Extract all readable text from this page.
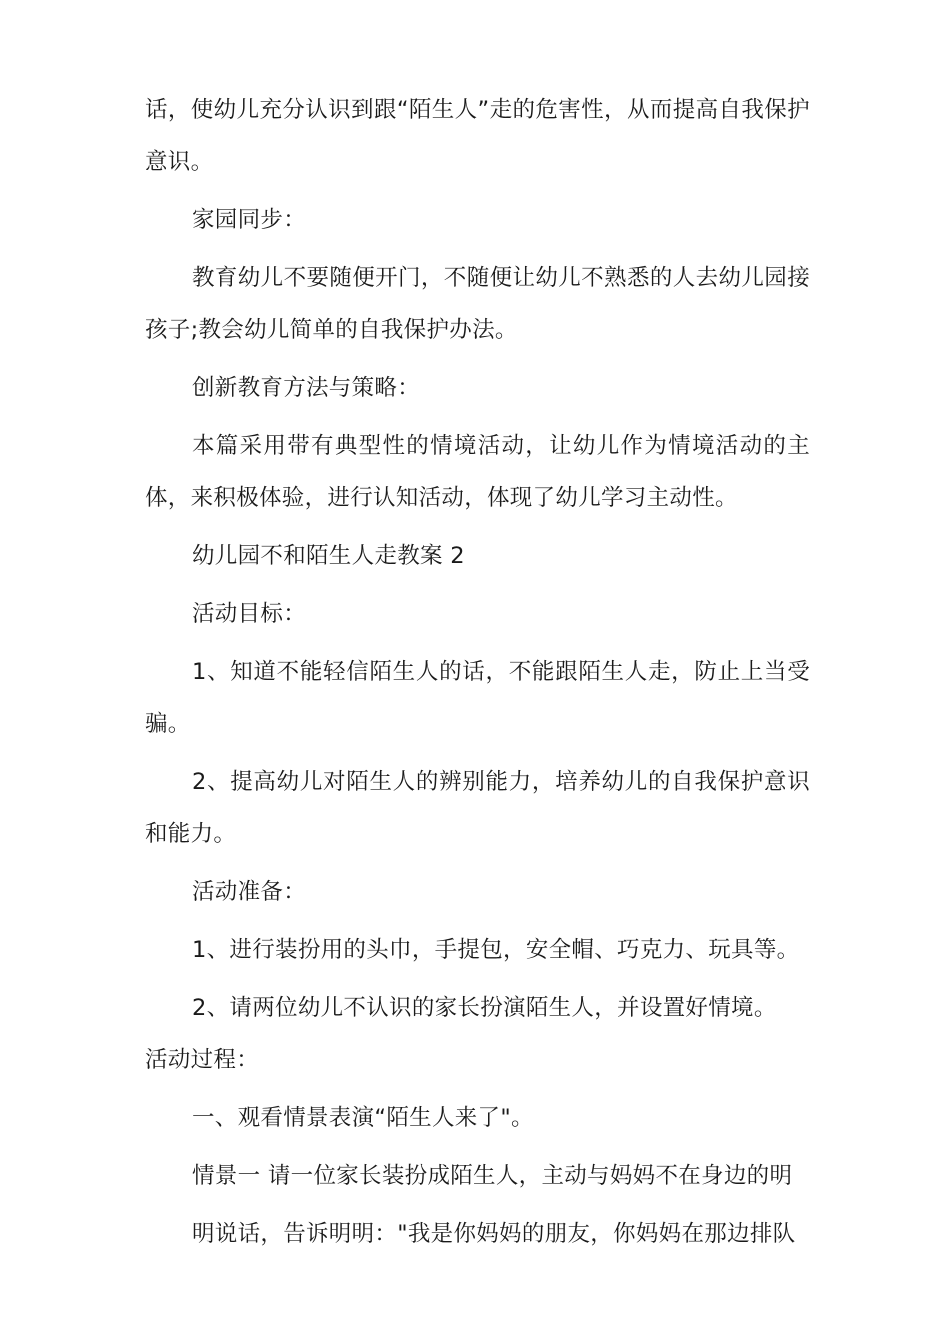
话，使幼儿充分认识到跟“陌生人”走的危害性，从而提高自我保护意识。

家园同步：

教育幼儿不要随便开门，不随便让幼儿不熟悉的人去幼儿园接孩子;教会幼儿简单的自我保护办法。

创新教育方法与策略：

本篇采用带有典型性的情境活动，让幼儿作为情境活动的主体，来积极体验，进行认知活动，体现了幼儿学习主动性。

幼儿园不和陌生人走教案 2

活动目标：

1、知道不能轻信陌生人的话，不能跟陌生人走，防止上当受骗。

2、提高幼儿对陌生人的辨别能力，培养幼儿的自我保护意识和能力。

活动准备：

1、进行装扮用的头巾，手提包，安全帽、巧克力、玩具等。

2、请两位幼儿不认识的家长扮演陌生人，并设置好情境。

活动过程：

一、观看情景表演“陌生人来了"。

情景一 请一位家长装扮成陌生人，主动与妈妈不在身边的明

明说话，告诉明明："我是你妈妈的朋友，你妈妈在那边排队
